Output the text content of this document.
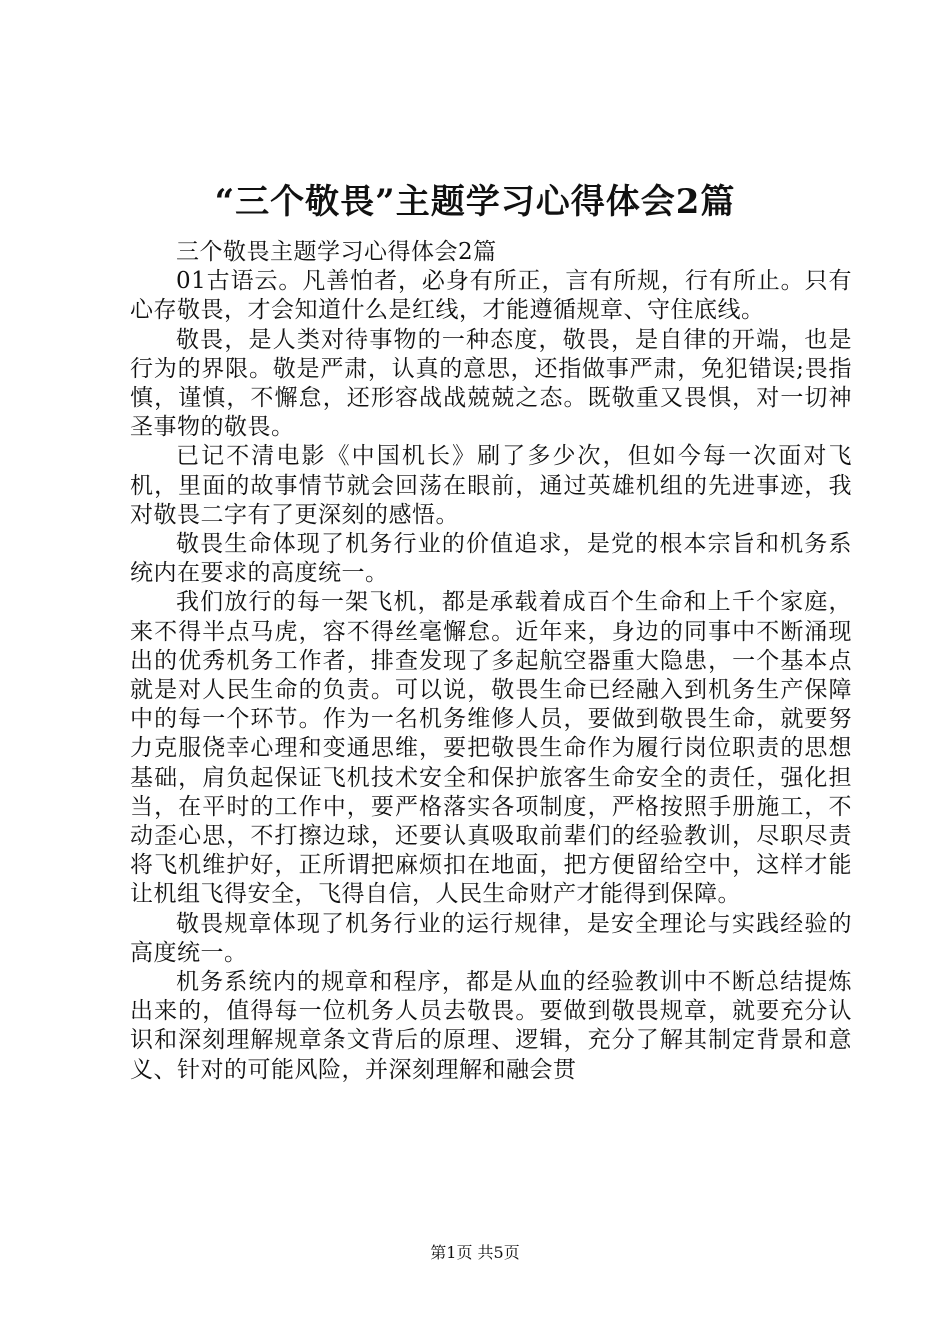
“三个敬畏”主题学习心得体会2篇

三个敬畏主题学习心得体会2篇

01古语云。凡善怕者，必身有所正，言有所规，行有所止。只有心存敬畏，才会知道什么是红线，才能遵循规章、守住底线。

敬畏，是人类对待事物的一种态度，敬畏，是自律的开端，也是行为的界限。敬是严肃，认真的意思，还指做事严肃，免犯错误;畏指慎，谨慎，不懈怠，还形容战战兢兢之态。既敬重又畏惧，对一切神圣事物的敬畏。

已记不清电影《中国机长》刷了多少次，但如今每一次面对飞机，里面的故事情节就会回荡在眼前，通过英雄机组的先进事迹，我对敬畏二字有了更深刻的感悟。

敬畏生命体现了机务行业的价值追求，是党的根本宗旨和机务系统内在要求的高度统一。

我们放行的每一架飞机，都是承载着成百个生命和上千个家庭，来不得半点马虎，容不得丝毫懈怠。近年来，身边的同事中不断涌现出的优秀机务工作者，排查发现了多起航空器重大隐患，一个基本点就是对人民生命的负责。可以说，敬畏生命已经融入到机务生产保障中的每一个环节。作为一名机务维修人员，要做到敬畏生命，就要努力克服侥幸心理和变通思维，要把敬畏生命作为履行岗位职责的思想基础，肩负起保证飞机技术安全和保护旅客生命安全的责任，强化担当，在平时的工作中，要严格落实各项制度，严格按照手册施工，不动歪心思，不打擦边球，还要认真吸取前辈们的经验教训，尽职尽责将飞机维护好，正所谓把麻烦扣在地面，把方便留给空中，这样才能让机组飞得安全，飞得自信，人民生命财产才能得到保障。

敬畏规章体现了机务行业的运行规律，是安全理论与实践经验的高度统一。

机务系统内的规章和程序，都是从血的经验教训中不断总结提炼出来的，值得每一位机务人员去敬畏。要做到敬畏规章，就要充分认识和深刻理解规章条文背后的原理、逻辑，充分了解其制定背景和意义、针对的可能风险，并深刻理解和融会贯

第1页 共5页
